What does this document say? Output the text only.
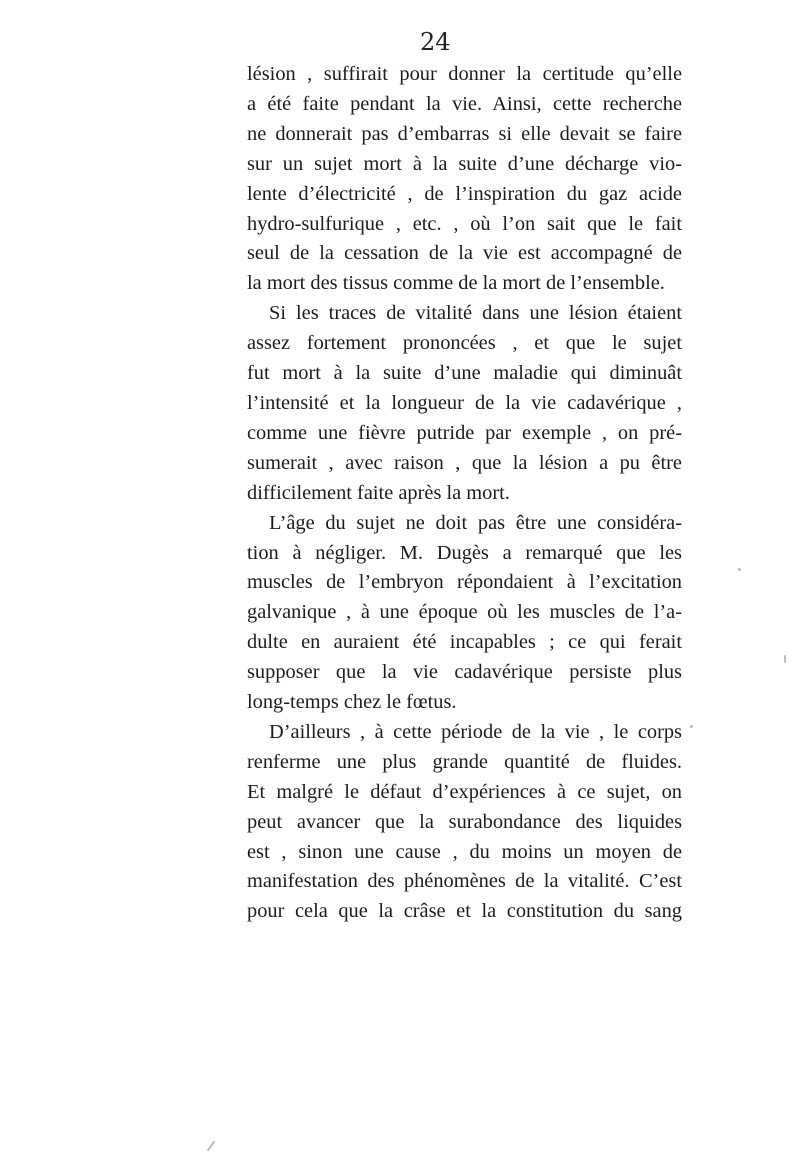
24
lésion , suffirait pour donner la certitude qu’elle
a été faite pendant la vie. Ainsi, cette recherche
ne donnerait pas d’embarras si elle devait se faire
sur un sujet mort à la suite d’une décharge vio-
lente d’électricité , de l’inspiration du gaz acide
hydro-sulfurique , etc. , où l’on sait que le fait
seul de la cessation de la vie est accompagné de
la mort des tissus comme de la mort de l’ensemble.
Si les traces de vitalité dans une lésion étaient
assez fortement prononcées , et que le sujet
fut mort à la suite d’une maladie qui diminuât
l’intensité et la longueur de la vie cadavérique ,
comme une fièvre putride par exemple , on pré-
sumerait , avec raison , que la lésion a pu être
difficilement faite après la mort.
L’âge du sujet ne doit pas être une considéra-
tion à négliger. M. Dugès a remarqué que les
muscles de l’embryon répondaient à l’excitation
galvanique , à une époque où les muscles de l’a-
dulte en auraient été incapables ; ce qui ferait
supposer que la vie cadavérique persiste plus
long-temps chez le fœtus.
D’ailleurs , à cette période de la vie , le corps
renferme une plus grande quantité de fluides.
Et malgré le défaut d’expériences à ce sujet, on
peut avancer que la surabondance des liquides
est , sinon une cause , du moins un moyen de
manifestation des phénomènes de la vitalité. C’est
pour cela que la crâse et la constitution du sang
